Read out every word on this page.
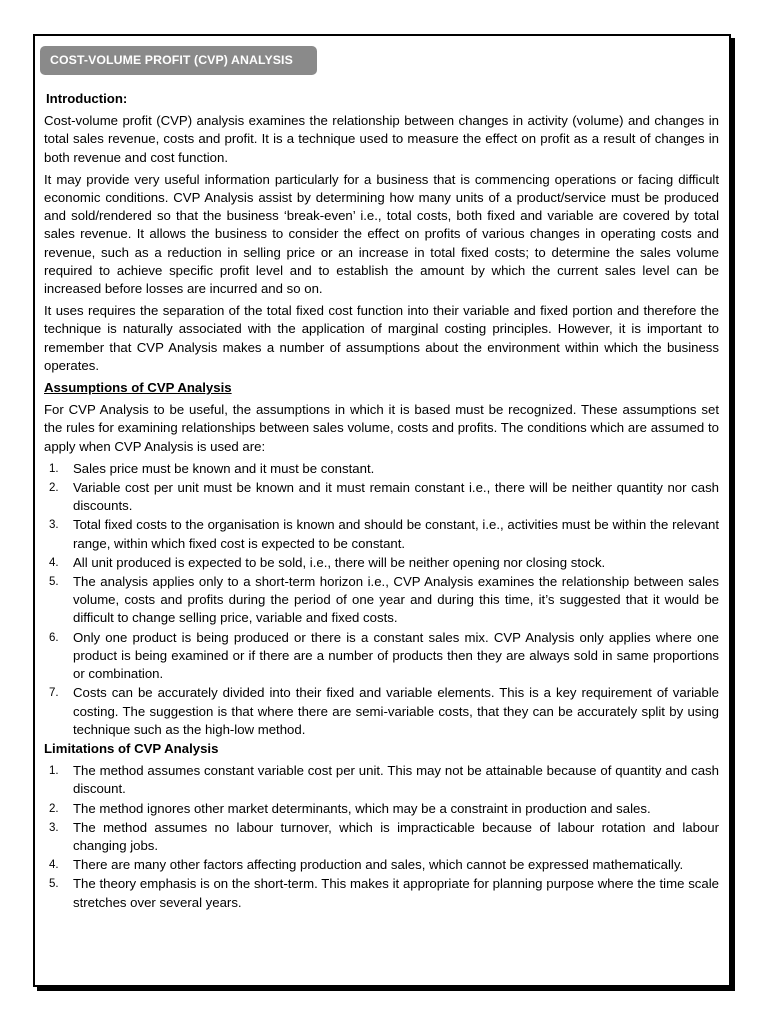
COST-VOLUME PROFIT (CVP) ANALYSIS

Introduction:

Cost-volume profit (CVP) analysis examines the relationship between changes in activity (volume) and changes in total sales revenue, costs and profit. It is a technique used to measure the effect on profit as a result of changes in both revenue and cost function.

It may provide very useful information particularly for a business that is commencing operations or facing difficult economic conditions. CVP Analysis assist by determining how many units of a product/service must be produced and sold/rendered so that the business ‘break-even’ i.e., total costs, both fixed and variable are covered by total sales revenue. It allows the business to consider the effect on profits of various changes in operating costs and revenue, such as a reduction in selling price or an increase in total fixed costs; to determine the sales volume required to achieve specific profit level and to establish the amount by which the current sales level can be increased before losses are incurred and so on.

It uses requires the separation of the total fixed cost function into their variable and fixed portion and therefore the technique is naturally associated with the application of marginal costing principles. However, it is important to remember that CVP Analysis makes a number of assumptions about the environment within which the business operates.

Assumptions of CVP Analysis

For CVP Analysis to be useful, the assumptions in which it is based must be recognized. These assumptions set the rules for examining relationships between sales volume, costs and profits. The conditions which are assumed to apply when CVP Analysis is used are:

1. Sales price must be known and it must be constant.
2. Variable cost per unit must be known and it must remain constant i.e., there will be neither quantity nor cash discounts.
3. Total fixed costs to the organisation is known and should be constant, i.e., activities must be within the relevant range, within which fixed cost is expected to be constant.
4. All unit produced is expected to be sold, i.e., there will be neither opening nor closing stock.
5. The analysis applies only to a short-term horizon i.e., CVP Analysis examines the relationship between sales volume, costs and profits during the period of one year and during this time, it’s suggested that it would be difficult to change selling price, variable and fixed costs.
6. Only one product is being produced or there is a constant sales mix. CVP Analysis only applies where one product is being examined or if there are a number of products then they are always sold in same proportions or combination.
7. Costs can be accurately divided into their fixed and variable elements. This is a key requirement of variable costing. The suggestion is that where there are semi-variable costs, that they can be accurately split by using technique such as the high-low method.

Limitations of CVP Analysis

1. The method assumes constant variable cost per unit. This may not be attainable because of quantity and cash discount.
2. The method ignores other market determinants, which may be a constraint in production and sales.
3. The method assumes no labour turnover, which is impracticable because of labour rotation and labour changing jobs.
4. There are many other factors affecting production and sales, which cannot be expressed mathematically.
5. The theory emphasis is on the short-term. This makes it appropriate for planning purpose where the time scale stretches over several years.
